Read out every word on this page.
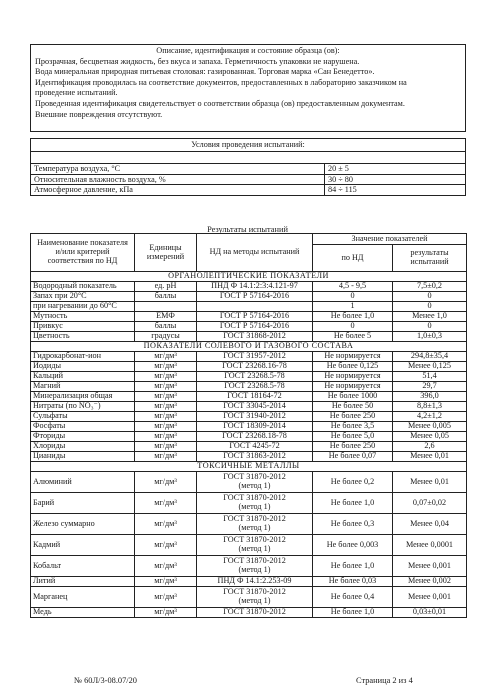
Описание, идентификация и состояние образца (ов):
Прозрачная, бесцветная жидкость, без вкуса и запаха. Герметичность упаковки не нарушена.
Вода минеральная природная питьевая столовая: газированная. Торговая марка «Сан Бенедетто».
Идентификация проводилась на соответствие документов, предоставленных в лабораторию заказчиком на
проведение испытаний.
Проведенная идентификация свидетельствует о соответствии образца (ов) предоставленным документам.
Внешние повреждения отсутствуют.
Условия проведения испытаний:	

Температура воздуха, °С	20 ± 5
Относительная влажность воздуха, %	30 ÷ 80
Атмосферное давление, кПа	84 ÷ 115
Результаты испытаний
Наименование показателя и/или критерий соответствия по НД	Единицы измерений	НД на методы испытаний	Значение показателей	
			по НД	результаты испытаний
ОРГАНОЛЕПТИЧЕСКИЕ ПОКАЗАТЕЛИ				
Водородный показатель	ед. pH	ПНД Ф 14.1:2:3:4.121-97	4,5 - 9,5	7,5±0,2
Запах при 20°С	баллы	ГОСТ Р 57164-2016	0	0
при нагревании до 60°С			1	0
Мутность	ЕМФ	ГОСТ Р 57164-2016	Не более 1,0	Менее 1,0
Привкус	баллы	ГОСТ Р 57164-2016	0	0
Цветность	градусы	ГОСТ 31868-2012	Не более 5	1,0±0,3
ПОКАЗАТЕЛИ СОЛЕВОГО И ГАЗОВОГО СОСТАВА				
Гидрокарбонат-ион	мг/дм³	ГОСТ 31957-2012	Не нормируется	294,8±35,4
Йодиды	мг/дм³	ГОСТ 23268.16-78	Не более 0,125	Менее 0,125
Кальций	мг/дм³	ГОСТ 23268.5-78	Не нормируется	51,4
Магний	мг/дм³	ГОСТ 23268.5-78	Не нормируется	29,7
Минерализация общая	мг/дм³	ГОСТ 18164-72	Не более 1000	396,0
Нитраты (по NO₃⁻)	мг/дм³	ГОСТ 33045-2014	Не более 50	8,8±1,3
Сульфаты	мг/дм³	ГОСТ 31940-2012	Не более 250	4,2±1,2
Фосфаты	мг/дм³	ГОСТ 18309-2014	Не более 3,5	Менее 0,005
Фториды	мг/дм³	ГОСТ 23268.18-78	Не более 5,0	Менее 0,05
Хлориды	мг/дм³	ГОСТ 4245-72	Не более 250	2,6
Цианиды	мг/дм³	ГОСТ 31863-2012	Не более 0,07	Менее 0,01
ТОКСИЧНЫЕ МЕТАЛЛЫ				
Алюминий	мг/дм³	ГОСТ 31870-2012
(метод 1)	Не более 0,2	Менее 0,01
Барий	мг/дм³	ГОСТ 31870-2012
(метод 1)	Не более 1,0	0,07±0,02
Железо суммарно	мг/дм³	ГОСТ 31870-2012
(метод 1)	Не более 0,3	Менее 0,04
Кадмий	мг/дм³	ГОСТ 31870-2012
(метод 1)	Не более 0,003	Менее 0,0001
Кобальт	мг/дм³	ГОСТ 31870-2012
(метод 1)	Не более 1,0	Менее 0,001
Литий	мг/дм³	ПНД Ф 14.1:2.253-09	Не более 0,03	Менее 0,002
Марганец	мг/дм³	ГОСТ 31870-2012
(метод 1)	Не более 0,4	Менее 0,001
Медь	мг/дм³	ГОСТ 31870-2012	Не более 1,0	0,03±0,01
№ 60Л/3-08.07/20	Страница 2 из 4
